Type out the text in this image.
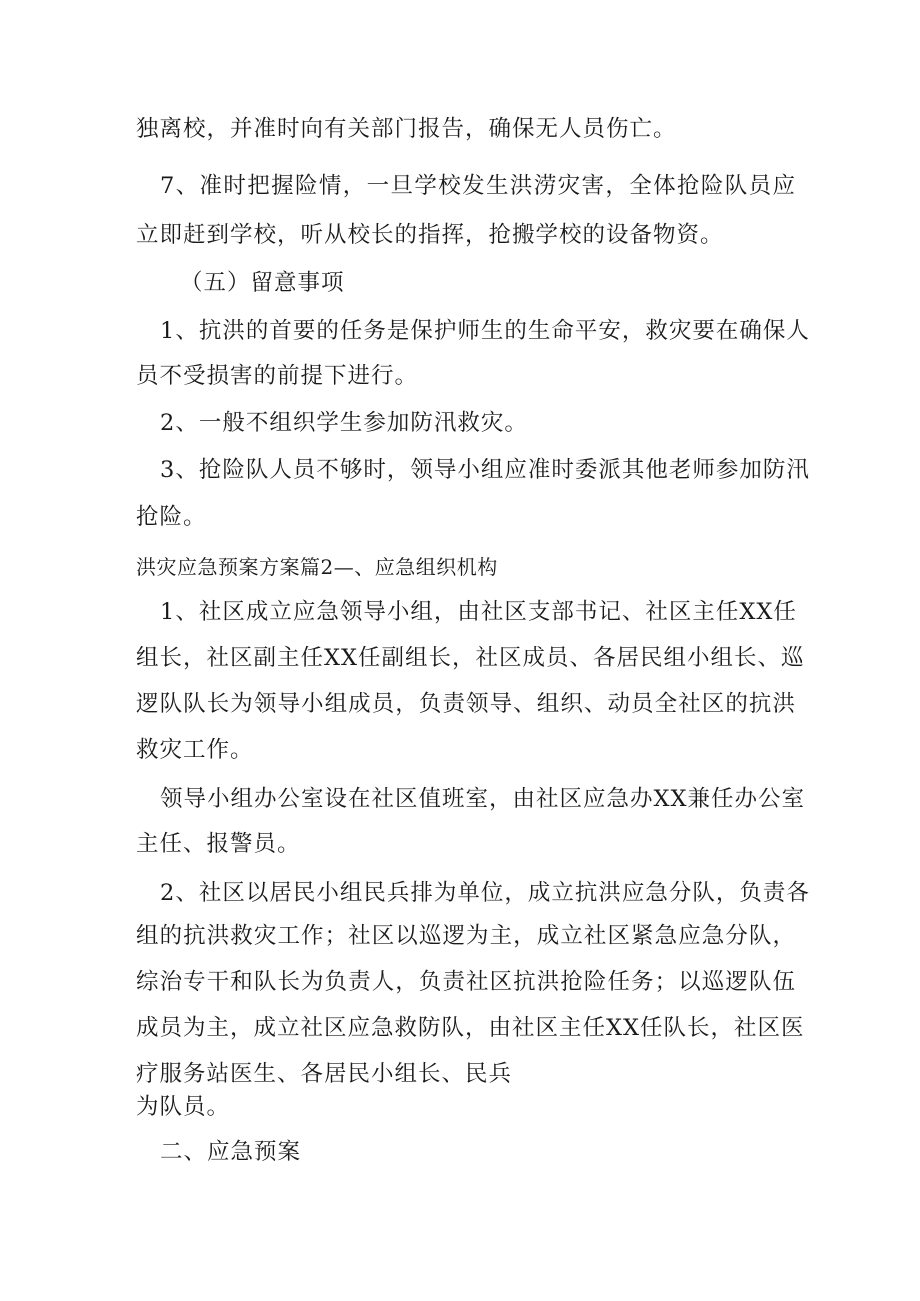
独离校，并准时向有关部门报告，确保无人员伤亡。
7、准时把握险情，一旦学校发生洪涝灾害，全体抢险队员应
立即赶到学校，听从校长的指挥，抢搬学校的设备物资。
（五）留意事项
1、抗洪的首要的任务是保护师生的生命平安，救灾要在确保人
员不受损害的前提下进行。
2、一般不组织学生参加防汛救灾。
3、抢险队人员不够时，领导小组应准时委派其他老师参加防汛
抢险。
洪灾应急预案方案篇2—、应急组织机构
1、社区成立应急领导小组，由社区支部书记、社区主任XX任
组长，社区副主任XX任副组长，社区成员、各居民组小组长、巡
逻队队长为领导小组成员，负责领导、组织、动员全社区的抗洪
救灾工作。
领导小组办公室设在社区值班室，由社区应急办XX兼任办公室
主任、报警员。
2、社区以居民小组民兵排为单位，成立抗洪应急分队，负责各
组的抗洪救灾工作；社区以巡逻为主，成立社区紧急应急分队，
综治专干和队长为负责人，负责社区抗洪抢险任务；以巡逻队伍
成员为主，成立社区应急救防队，由社区主任XX任队长，社区医
疗服务站医生、各居民小组长、民兵
为队员。
二、应急预案
